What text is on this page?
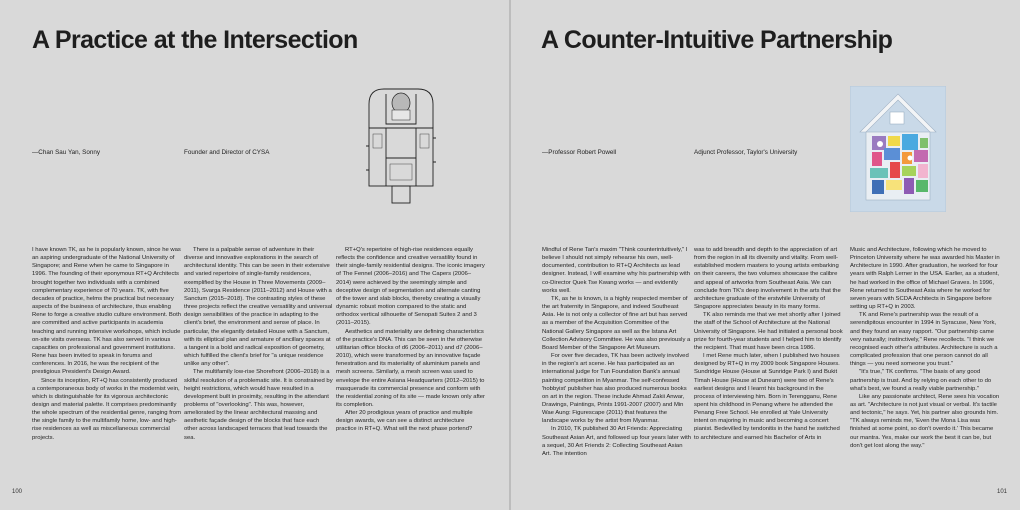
A Practice at the Intersection
—Chan Sau Yan, Sonny	Founder and Director of CYSA

I have known TK, as he is popularly known, since he was an aspiring undergraduate of the National University of Singapore; and Rene when he came to Singapore in 1996. The founding of their eponymous RT+Q Architects brought together two individuals with a combined complementary experience of 70 years. TK, with five decades of practice, helms the practical but necessary aspects of the business of architecture, thus enabling Rene to forge a creative studio culture environment. Both are committed and active participants in academia teaching and running intensive workshops, which include on-site visits overseas. TK has also served in various capacities on professional and government institutions. Rene has been invited to speak in forums and conferences. In 2016, he was the recipient of the prestigious President's Design Award.

Since its inception, RT+Q has consistently produced a contemporaneous body of works in the modernist vein, which is distinguishable for its vigorous architectonic design and material palette. It comprises predominantly the whole spectrum of the residential genre, ranging from the single family to the multifamily home, low- and high-rise residences as well as miscellaneous commercial projects.

There is a palpable sense of adventure in their diverse and innovative explorations in the search of architectural identity. This can be seen in their extensive and varied repertoire of single-family residences, exemplified by the House in Three Movements (2009–2011), Svarga Residence (2011–2012) and House with a Sanctum (2015–2018). The contrasting styles of these three projects reflect the creative versatility and universal design sensibilities of the practice in adapting to the client's brief, the environment and sense of place. In particular, the elegantly detailed House with a Sanctum, with its elliptical plan and armature of ancillary spaces at a tangent is a bold and radical exposition of geometry, which fulfilled the client's brief for "a unique residence unlike any other".

The multifamily low-rise Shorefront (2006–2018) is a skilful resolution of a problematic site. It is constrained by height restrictions, which would have resulted in a development built in proximity, resulting in the attendant problems of "overlooking". This was, however, ameliorated by the linear architectural massing and aesthetic façade design of the blocks that face each other across landscaped terraces that lead towards the sea.

RT+Q's repertoire of high-rise residences equally reflects the confidence and creative versatility found in their single-family residential designs. The iconic imagery of The Fennel (2006–2016) and The Capers (2006–2014) were achieved by the seemingly simple and deceptive design of segmentation and alternate canting of the tower and slab blocks, thereby creating a visually dynamic robust motion compared to the static and orthodox vertical silhouette of Senopati Suites 2 and 3 (2011–2015).

Aesthetics and materiality are defining characteristics of the practice's DNA. This can be seen in the otherwise utilitarian office blocks of d6 (2006–2011) and d7 (2006–2010), which were transformed by an innovative façade fenestration and its materiality of aluminium panels and mesh screens. Similarly, a mesh screen was used to envelope the entire Asiana Headquarters (2012–2015) to masquerade its commercial presence and conform with the residential zoning of its site — made known only after its completion.

After 20 prodigious years of practice and multiple design awards, we can see a distinct architecture practice in RT+Q. What will the next phase portend?

100
A Counter-Intuitive Partnership
—Professor Robert Powell	Adjunct Professor, Taylor's University

Mindful of Rene Tan's maxim "Think counterintuitively," I believe I should not simply rehearse his own, well-documented, contribution to RT+Q Architects as lead designer. Instead, I will examine why his partnership with co-Director Quek Tse Kwang works — and evidently works well.

TK, as he is known, is a highly respected member of the art fraternity in Singapore, and indeed Southeast Asia. He is not only a collector of fine art but has served as a member of the Acquisition Committee of the National Gallery Singapore as well as the Istana Art Collection Advisory Committee. He was also previously a Board Member of the Singapore Art Museum.

For over five decades, TK has been actively involved in the region's art scene. He has participated as an international judge for Tun Foundation Bank's annual painting competition in Myanmar. The self-confessed 'hobbyist' publisher has also produced numerous books on art in the region. These include Ahmad Zakii Anwar, Drawings, Paintings, Prints 1991-2007 (2007) and Min Wae Aung: Figurescape (2011) that features the landscape works by the artist from Myanmar.

In 2010, TK published 30 Art Friends: Appreciating Southeast Asian Art, and followed up four years later with a sequel, 30 Art Friends 2: Collecting Southeast Asian Art. The intention

was to add breadth and depth to the appreciation of art from the region in all its diversity and vitality. From well-established modern masters to young artists embarking on their careers, the two volumes showcase the calibre and appeal of artworks from Southeast Asia. We can conclude from TK's deep involvement in the arts that the architecture graduate of the erstwhile University of Singapore appreciates beauty in its many forms.

TK also reminds me that we met shortly after I joined the staff of the School of Architecture at the National University of Singapore. He had initiated a personal book prize for fourth-year students and I helped him to identify the recipient. That must have been circa 1986.

I met Rene much later, when I published two houses designed by RT+Q in my 2009 book Singapore Houses. Sundridge House (House at Sunridge Park I) and Bukit Timah House (House at Dunearn) were two of Rene's earliest designs and I learnt his background in the process of interviewing him. Born in Terengganu, Rene spent his childhood in Penang where he attended the Penang Free School. He enrolled at Yale University intent on majoring in music and becoming a concert pianist. Bedevilled by tendonitis in the hand he switched to architecture and earned his Bachelor of Arts in

Music and Architecture, following which he moved to Princeton University where he was awarded his Master in Architecture in 1990. After graduation, he worked for four years with Ralph Lerner in the USA. Earlier, as a student, he had worked in the office of Michael Graves. In 1996, Rene returned to Southeast Asia where he worked for seven years with SCDA Architects in Singapore before setting up RT+Q in 2003.

TK and Rene's partnership was the result of a serendipitous encounter in 1994 in Syracuse, New York, and they found an easy rapport. "Our partnership came very naturally; instinctively," Rene recollects. "I think we recognised each other's attributes. Architecture is such a complicated profession that one person cannot do all things — you need someone you trust."

"It's true," TK confirms. "The basis of any good partnership is trust. And by relying on each other to do what's best, we found a really viable partnership."

Like any passionate architect, Rene sees his vocation as art. "Architecture is not just visual or verbal. It's tactile and tectonic," he says. Yet, his partner also grounds him. "TK always reminds me, 'Even the Mona Lisa was finished at some point, so don't overdo it.' This became our mantra. Yes, make our work the best it can be, but don't get lost along the way."

101
